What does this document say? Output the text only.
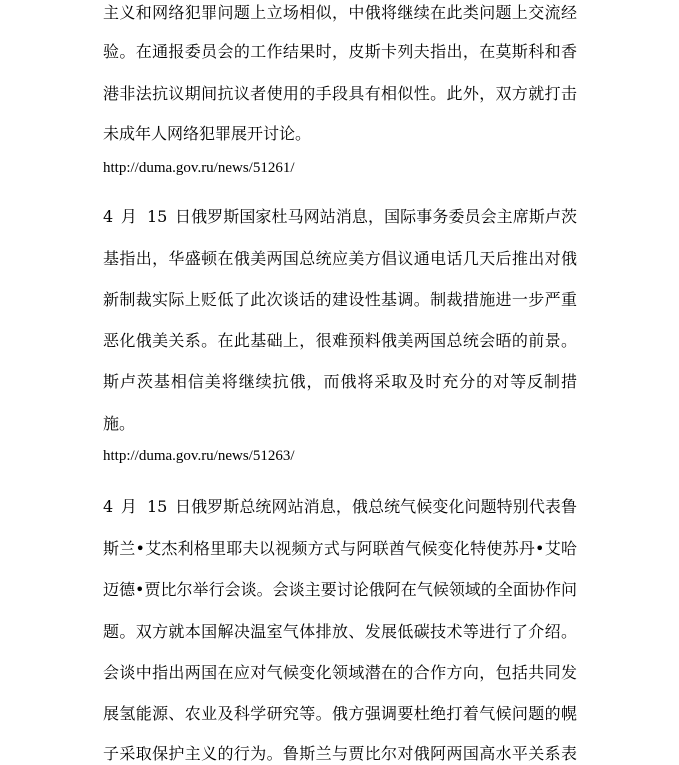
主义和网络犯罪问题上立场相似，中俄将继续在此类问题上交流经
验。在通报委员会的工作结果时，皮斯卡列夫指出，在莫斯科和香
港非法抗议期间抗议者使用的手段具有相似性。此外，双方就打击
未成年人网络犯罪展开讨论。
http://duma.gov.ru/news/51261/
4 月 15 日俄罗斯国家杜马网站消息，国际事务委员会主席斯卢茨
基指出，华盛顿在俄美两国总统应美方倡议通电话几天后推出对俄
新制裁实际上贬低了此次谈话的建设性基调。制裁措施进一步严重
恶化俄美关系。在此基础上，很难预料俄美两国总统会晤的前景。
斯卢茨基相信美将继续抗俄，而俄将采取及时充分的对等反制措
施。
http://duma.gov.ru/news/51263/
4 月 15 日俄罗斯总统网站消息，俄总统气候变化问题特别代表鲁
斯兰•艾杰利格里耶夫以视频方式与阿联酋气候变化特使苏丹•艾哈
迈德•贾比尔举行会谈。会谈主要讨论俄阿在气候领域的全面协作问
题。双方就本国解决温室气体排放、发展低碳技术等进行了介绍。
会谈中指出两国在应对气候变化领域潜在的合作方向，包括共同发
展氢能源、农业及科学研究等。俄方强调要杜绝打着气候问题的幌
子采取保护主义的行为。鲁斯兰与贾比尔对俄阿两国高水平关系表
